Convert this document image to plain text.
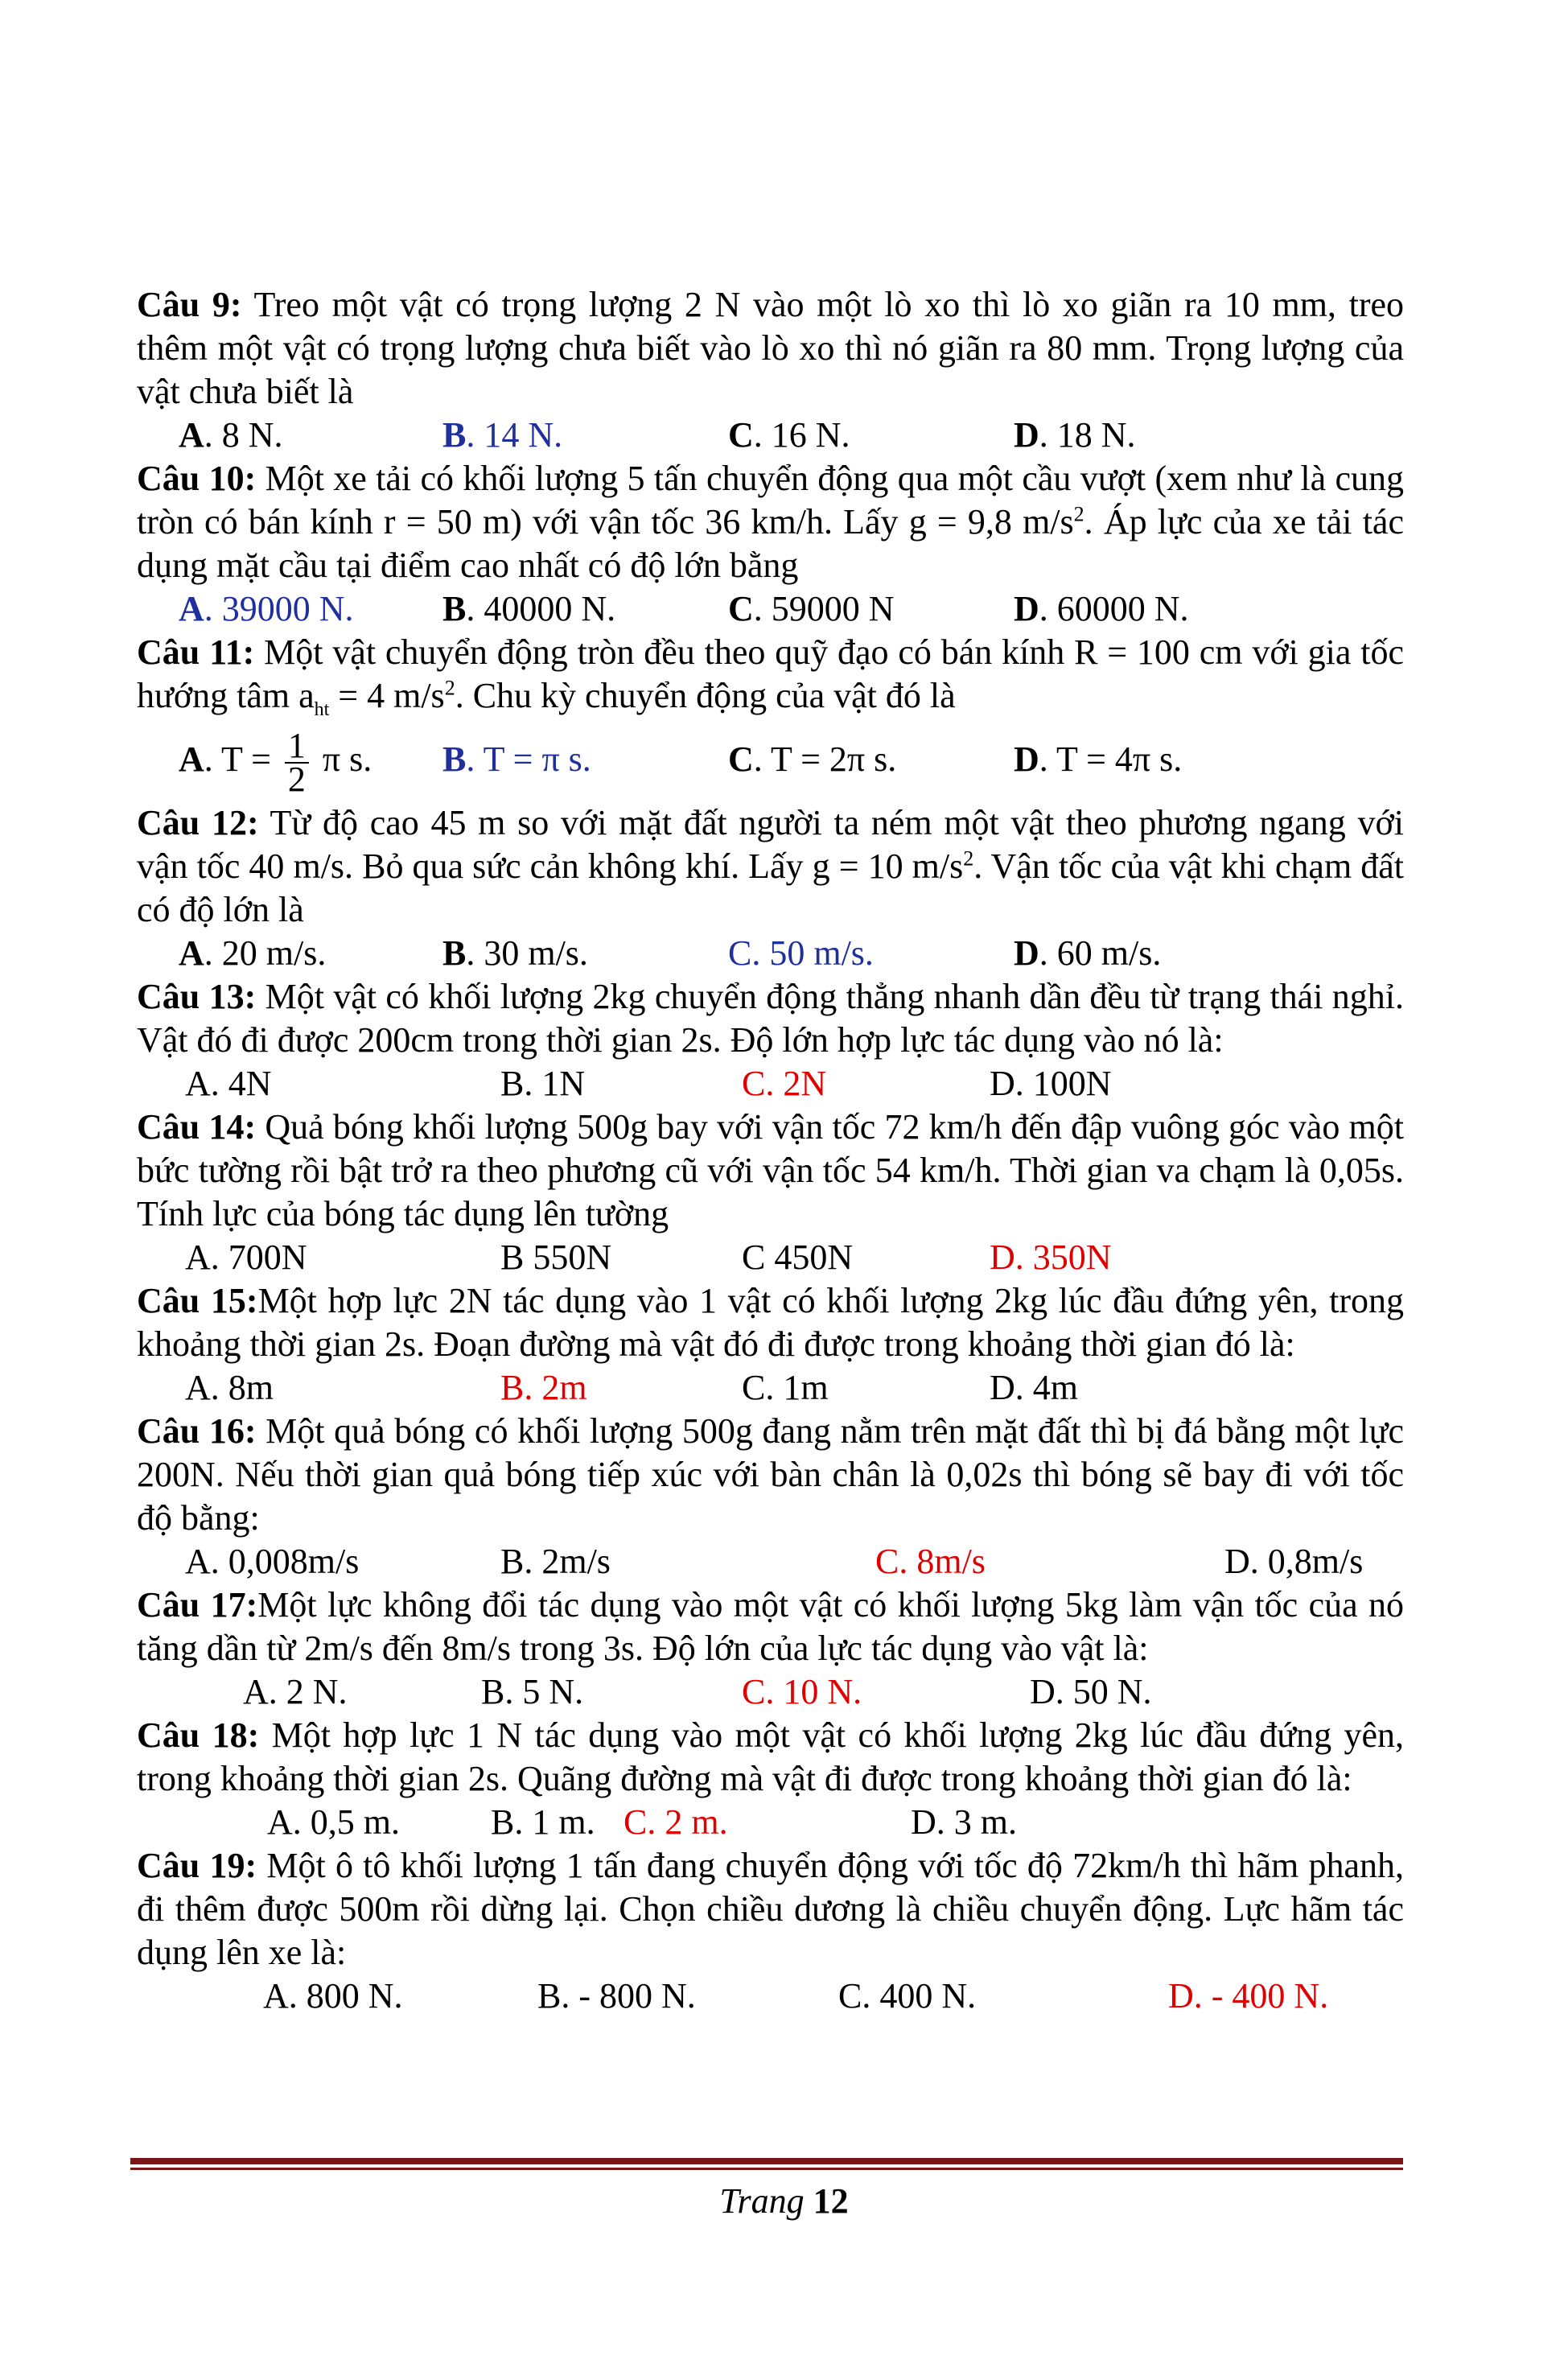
Câu 9: Treo một vật có trọng lượng 2 N vào một lò xo thì lò xo giãn ra 10 mm, treo thêm một vật có trọng lượng chưa biết vào lò xo thì nó giãn ra 80 mm. Trọng lượng của vật chưa biết là
A. 8 N.	B. 14 N.	C. 16 N.	D. 18 N.
Câu 10: Một xe tải có khối lượng 5 tấn chuyển động qua một cầu vượt (xem như là cung tròn có bán kính r = 50 m) với vận tốc 36 km/h. Lấy g = 9,8 $m/s^2$. Áp lực của xe tải tác dụng mặt cầu tại điểm cao nhất có độ lớn bằng
A. 39000 N.	B. 40000 N.	C. 59000 N	D. 60000 N.
Câu 11: Một vật chuyển động tròn đều theo quỹ đạo có bán kính R = 100 cm với gia tốc hướng tâm $a_{ht} = 4$ $m/s^2$. Chu kỳ chuyển động của vật đó là
A. $T = \frac{1}{2}$ π s. B. T = π s.	C. T = 2π s.	D. T = 4π s.
Câu 12: Từ độ cao 45 m so với mặt đất người ta ném một vật theo phương ngang với vận tốc 40 m/s. Bỏ qua sức cản không khí. Lấy g = 10 $m/s^2$. Vận tốc của vật khi chạm đất có độ lớn là
A. 20 m/s.	B. 30 m/s.	C. 50 m/s.	D. 60 m/s.
Câu 13: Một vật có khối lượng 2kg chuyển động thẳng nhanh dần đều từ trạng thái nghỉ. Vật đó đi được 200cm trong thời gian 2s. Độ lớn hợp lực tác dụng vào nó là:
A. 4N	B. 1N	C. 2N	D. 100N
Câu 14: Quả bóng khối lượng 500g bay với vận tốc 72 km/h đến đập vuông góc vào một bức tường rồi bật trở ra theo phương cũ với vận tốc 54 km/h. Thời gian va chạm là 0,05s. Tính lực của bóng tác dụng lên tường
A. 700N	B 550N	C 450N	D. 350N
Câu 15:Một hợp lực 2N tác dụng vào 1 vật có khối lượng 2kg lúc đầu đứng yên, trong khoảng thời gian 2s. Đoạn đường mà vật đó đi được trong khoảng thời gian đó là:
A. 8m	B. 2m	C. 1m	D. 4m
Câu 16: Một quả bóng có khối lượng 500g đang nằm trên mặt đất thì bị đá bằng một lực 200N. Nếu thời gian quả bóng tiếp xúc với bàn chân là 0,02s thì bóng sẽ bay đi với tốc độ bằng:
A. 0,008m/s	B. 2m/s	C. 8m/s	D. 0,8m/s
Câu 17:Một lực không đổi tác dụng vào một vật có khối lượng 5kg làm vận tốc của nó tăng dần từ 2m/s đến 8m/s trong 3s. Độ lớn của lực tác dụng vào vật là:
A. 2 N.	B. 5 N.	C. 10 N.	D. 50 N.
Câu 18: Một hợp lực 1 N tác dụng vào một vật có khối lượng 2kg lúc đầu đứng yên, trong khoảng thời gian 2s. Quãng đường mà vật đi được trong khoảng thời gian đó là:
A. 0,5 m.	B. 1 m. C. 2 m.	D. 3 m.
Câu 19: Một ô tô khối lượng 1 tấn đang chuyển động với tốc độ 72km/h thì hãm phanh, đi thêm được 500m rồi dừng lại. Chọn chiều dương là chiều chuyển động. Lực hãm tác dụng lên xe là:
A. 800 N.	B. - 800 N.	C. 400 N.	D. - 400 N.
Trang 12
